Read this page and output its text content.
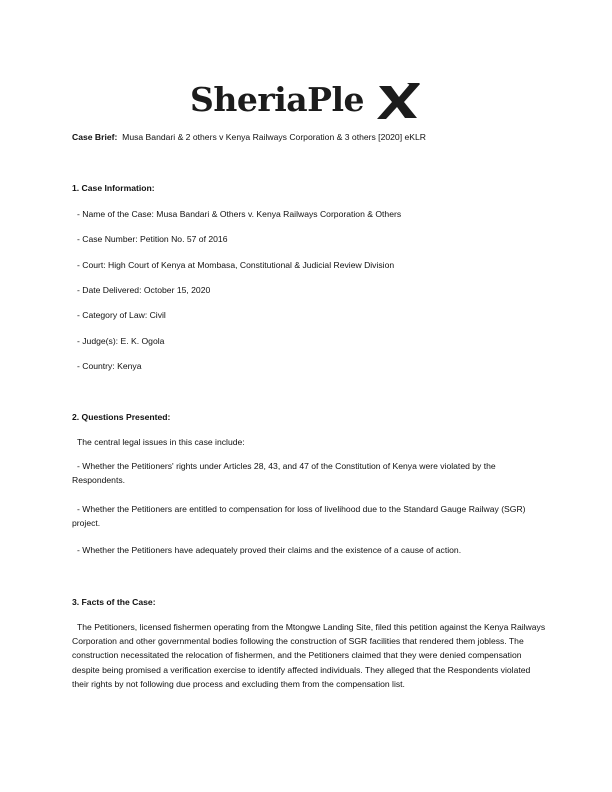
SheriaPle
Case Brief: Musa Bandari & 2 others v Kenya Railways Corporation & 3 others [2020] eKLR
1. Case Information:
- Name of the Case: Musa Bandari & Others v. Kenya Railways Corporation & Others
- Case Number: Petition No. 57 of 2016
- Court: High Court of Kenya at Mombasa, Constitutional & Judicial Review Division
- Date Delivered: October 15, 2020
- Category of Law: Civil
- Judge(s): E. K. Ogola
- Country: Kenya
2. Questions Presented:
The central legal issues in this case include:
- Whether the Petitioners' rights under Articles 28, 43, and 47 of the Constitution of Kenya were violated by the Respondents.
- Whether the Petitioners are entitled to compensation for loss of livelihood due to the Standard Gauge Railway (SGR) project.
- Whether the Petitioners have adequately proved their claims and the existence of a cause of action.
3. Facts of the Case:
The Petitioners, licensed fishermen operating from the Mtongwe Landing Site, filed this petition against the Kenya Railways Corporation and other governmental bodies following the construction of SGR facilities that rendered them jobless. The construction necessitated the relocation of fishermen, and the Petitioners claimed that they were denied compensation despite being promised a verification exercise to identify affected individuals. They alleged that the Respondents violated their rights by not following due process and excluding them from the compensation list.
